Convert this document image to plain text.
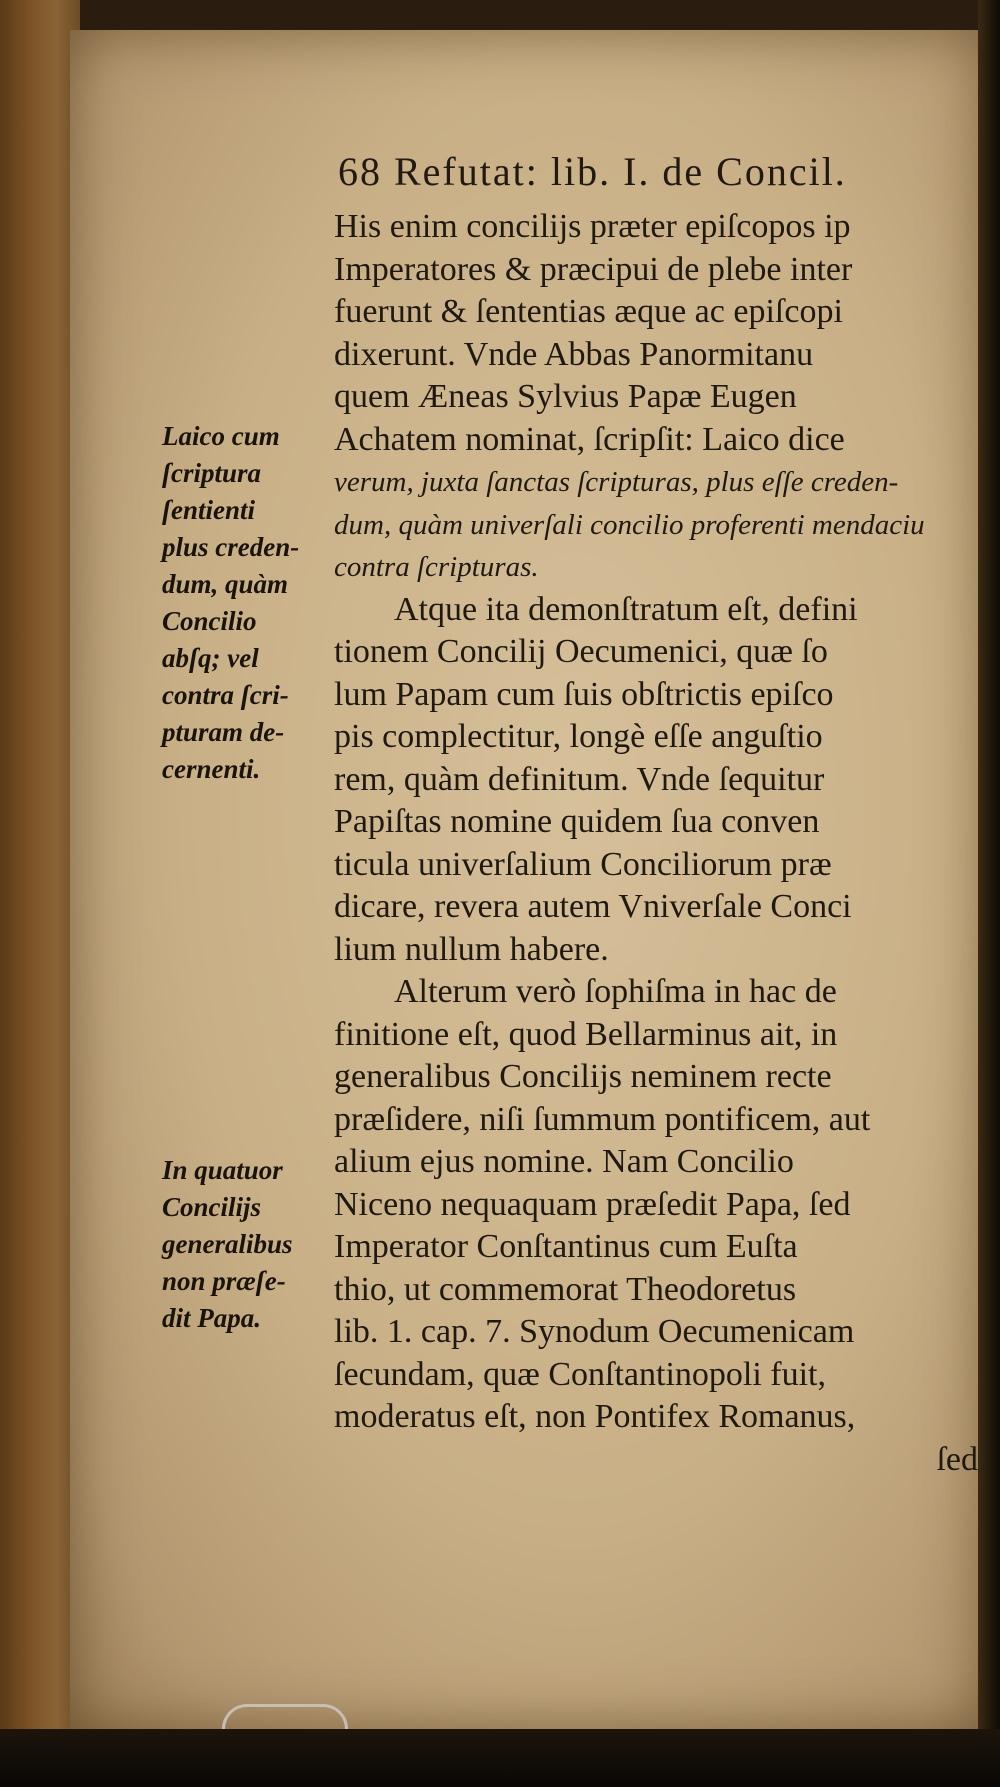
68 Refutat: lib. I. de Concil.
His enim concilijs præter epiſcopos ip
Imperatores & præcipui de plebe inter
fuerunt & ſententias æque ac epiſcopi
dixerunt. Vnde Abbas Panormitanu
quem Æneas Sylvius Papæ Eugen
Achatem nominat, ſcripſit: Laico dice
verum, juxta ſanctas ſcripturas, plus eſſe creden-
dum, quàm univerſali concilio proferenti mendaciu
contra ſcripturas.
Atque ita demonſtratum eſt, defini
tionem Concilij Oecumenici, quæ ſo
lum Papam cum ſuis obſtrictis epiſco
pis complectitur, longè eſſe anguſtio
rem, quàm definitum. Vnde ſequitur
Papiſtas nomine quidem ſua conven
ticula univerſalium Conciliorum præ
dicare, revera autem Vniverſale Conci
lium nullum habere.
Alterum verò ſophiſma in hac de
finitione eſt, quod Bellarminus ait, in
generalibus Concilijs neminem recte
præſidere, niſi ſummum pontificem, aut
alium ejus nomine. Nam Concilio
Niceno nequaquam præſedit Papa, ſed
Imperator Conſtantinus cum Euſta
thio, ut commemorat Theodoretus
lib. 1. cap. 7. Synodum Oecumenicam
ſecundam, quæ Conſtantinopoli fuit,
moderatus eſt, non Pontifex Romanus,
ſed
Laico cum
ſcriptura
ſentienti
plus creden-
dum, quàm
Concilio
abſq; vel
contra ſcri-
pturam de-
cernenti.
In quatuor
Concilijs
generalibus
non præſe-
dit Papa.
